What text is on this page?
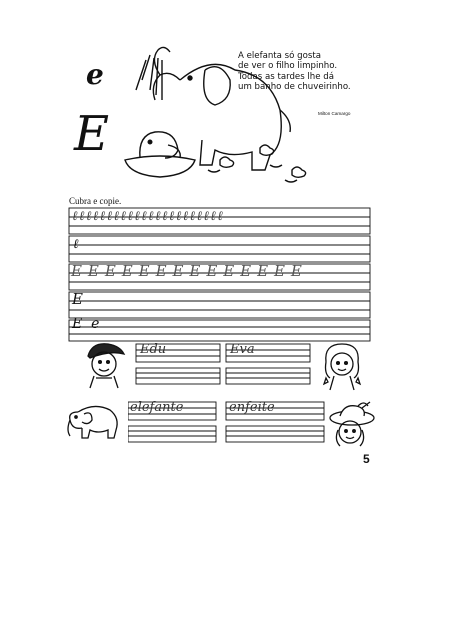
e
E
A elefanta só gosta
de ver o filho limpinho.
Todas as tardes lhe dá
um banho de chuveirinho.
Milton Camargo
Cubra e copie.
ℓℓℓℓℓℓℓℓℓℓℓℓℓℓℓℓℓℓℓℓℓℓ
ℓ
E E E E E E E E E E E E E E
E
E  e
Edu	Eva
elefante	enfeite
5
